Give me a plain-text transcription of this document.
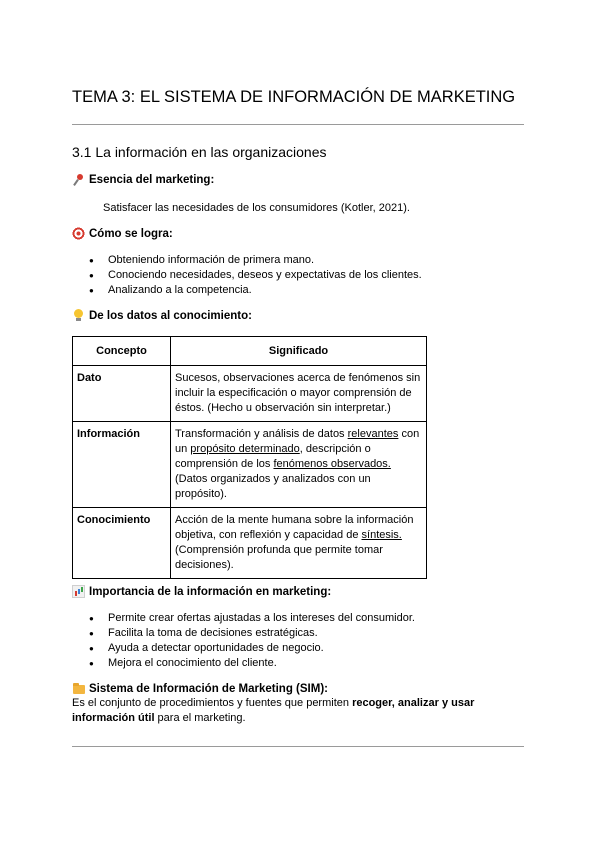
TEMA 3: EL SISTEMA DE INFORMACIÓN DE MARKETING
3.1 La información en las organizaciones
Esencia del marketing:
Satisfacer las necesidades de los consumidores (Kotler, 2021).
Cómo se logra:
● Obteniendo información de primera mano.
● Conociendo necesidades, deseos y expectativas de los clientes.
● Analizando a la competencia.
De los datos al conocimiento:
Concepto	Significado
Dato	Sucesos, observaciones acerca de fenómenos sin incluir la especificación o mayor comprensión de éstos. (Hecho u observación sin interpretar.)
Información	Transformación y análisis de datos relevantes con un propósito determinado, descripción o comprensión de los fenómenos observados. (Datos organizados y analizados con un propósito).
Conocimiento	Acción de la mente humana sobre la información objetiva, con reflexión y capacidad de síntesis. (Comprensión profunda que permite tomar decisiones).
Importancia de la información en marketing:
● Permite crear ofertas ajustadas a los intereses del consumidor.
● Facilita la toma de decisiones estratégicas.
● Ayuda a detectar oportunidades de negocio.
● Mejora el conocimiento del cliente.
Sistema de Información de Marketing (SIM):
Es el conjunto de procedimientos y fuentes que permiten recoger, analizar y usar información útil para el marketing.
